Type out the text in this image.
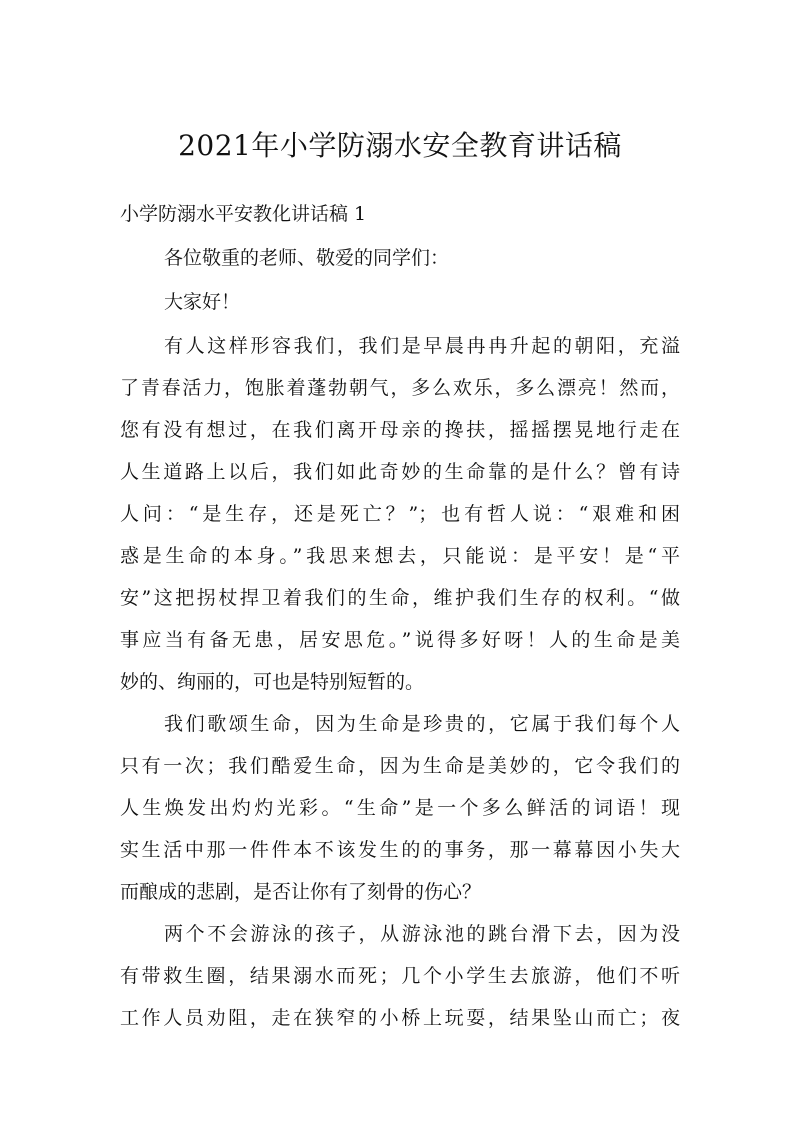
2021年小学防溺水安全教育讲话稿

小学防溺水平安教化讲话稿 1

各位敬重的老师、敬爱的同学们：

大家好！

有人这样形容我们，我们是早晨冉冉升起的朝阳，充溢

了青春活力，饱胀着蓬勃朝气，多么欢乐，多么漂亮！然而，

您有没有想过，在我们离开母亲的搀扶，摇摇摆晃地行走在

人生道路上以后，我们如此奇妙的生命靠的是什么？曾有诗

人问：“是生存，还是死亡？”；也有哲人说：“艰难和困

惑是生命的本身。”我思来想去，只能说：是平安！是“平

安”这把拐杖捍卫着我们的生命，维护我们生存的权利。“做

事应当有备无患，居安思危。”说得多好呀！人的生命是美

妙的、绚丽的，可也是特别短暂的。

我们歌颂生命，因为生命是珍贵的，它属于我们每个人

只有一次；我们酷爱生命，因为生命是美妙的，它令我们的

人生焕发出灼灼光彩。“生命”是一个多么鲜活的词语！现

实生活中那一件件本不该发生的的事务，那一幕幕因小失大

而酿成的悲剧，是否让你有了刻骨的伤心？

两个不会游泳的孩子，从游泳池的跳台滑下去，因为没

有带救生圈，结果溺水而死；几个小学生去旅游，他们不听

工作人员劝阻，走在狭窄的小桥上玩耍，结果坠山而亡；夜
